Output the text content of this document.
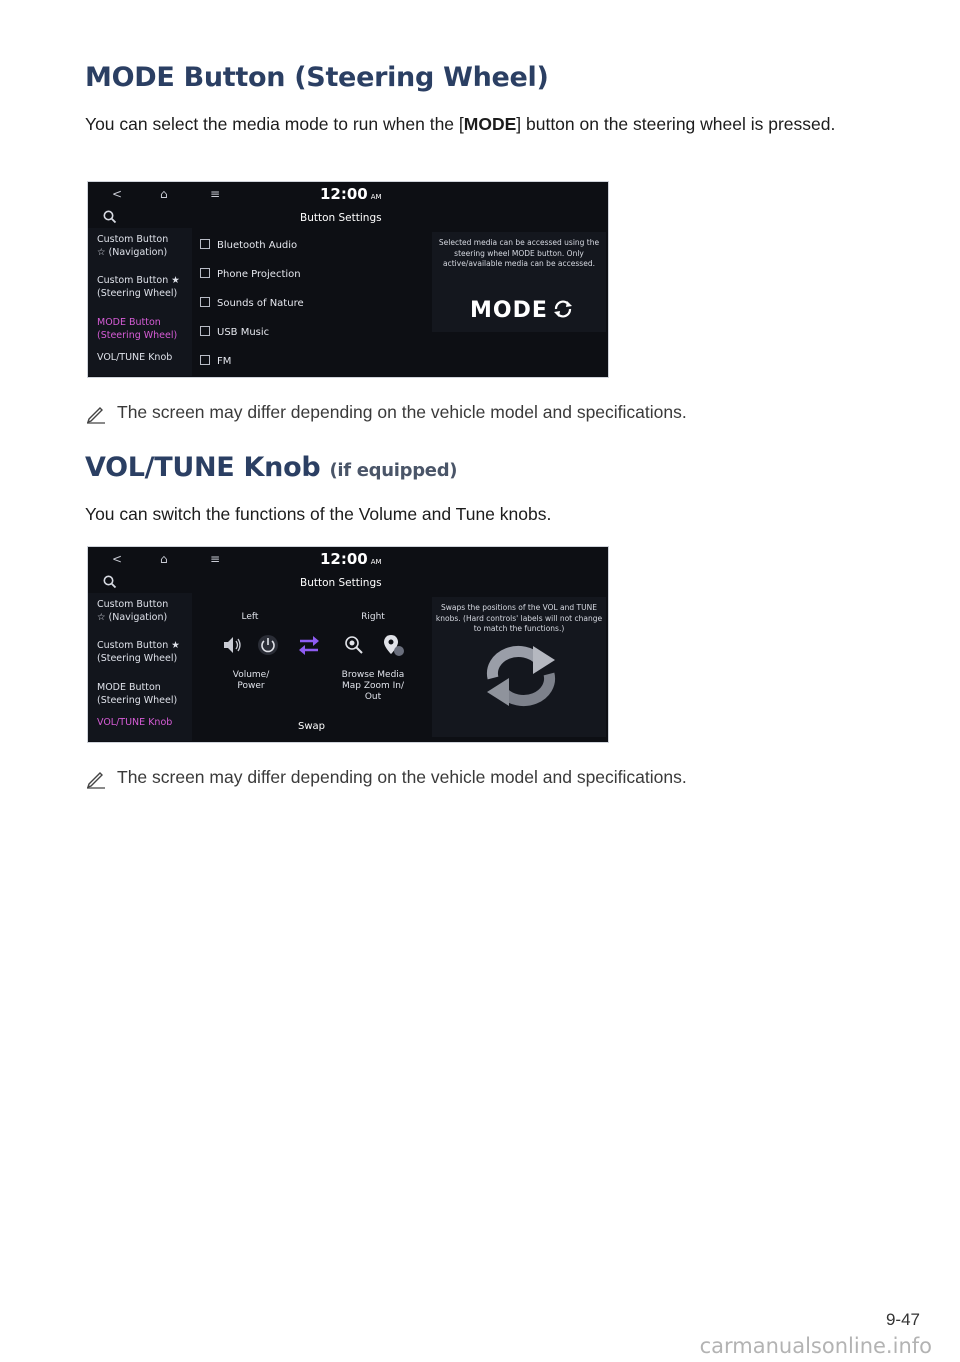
MODE Button (Steering Wheel)

You can select the media mode to run when the [MODE] button on the steering wheel is pressed.

<	⌂	≡	12:00 AM
Button Settings
Custom Button ☆ (Navigation)
Custom Button ★ (Steering Wheel)
MODE Button (Steering Wheel)
VOL/TUNE Knob
Bluetooth Audio
Phone Projection
Sounds of Nature
USB Music
FM
Selected media can be accessed using the steering wheel MODE button. Only active/available media can be accessed.
MODE
The screen may differ depending on the vehicle model and specifications.
VOL/TUNE Knob (if equipped)

You can switch the functions of the Volume and Tune knobs.

<	⌂	≡	12:00 AM
Button Settings
Custom Button ☆ (Navigation)
Custom Button ★ (Steering Wheel)
MODE Button (Steering Wheel)
VOL/TUNE Knob
Left	Right
Volume/ Power
Browse Media Map Zoom In/ Out
Swap
Swaps the positions of the VOL and TUNE knobs. (Hard controls' labels will not change to match the functions.)
The screen may differ depending on the vehicle model and specifications.
9-47
carmanualsonline.info
